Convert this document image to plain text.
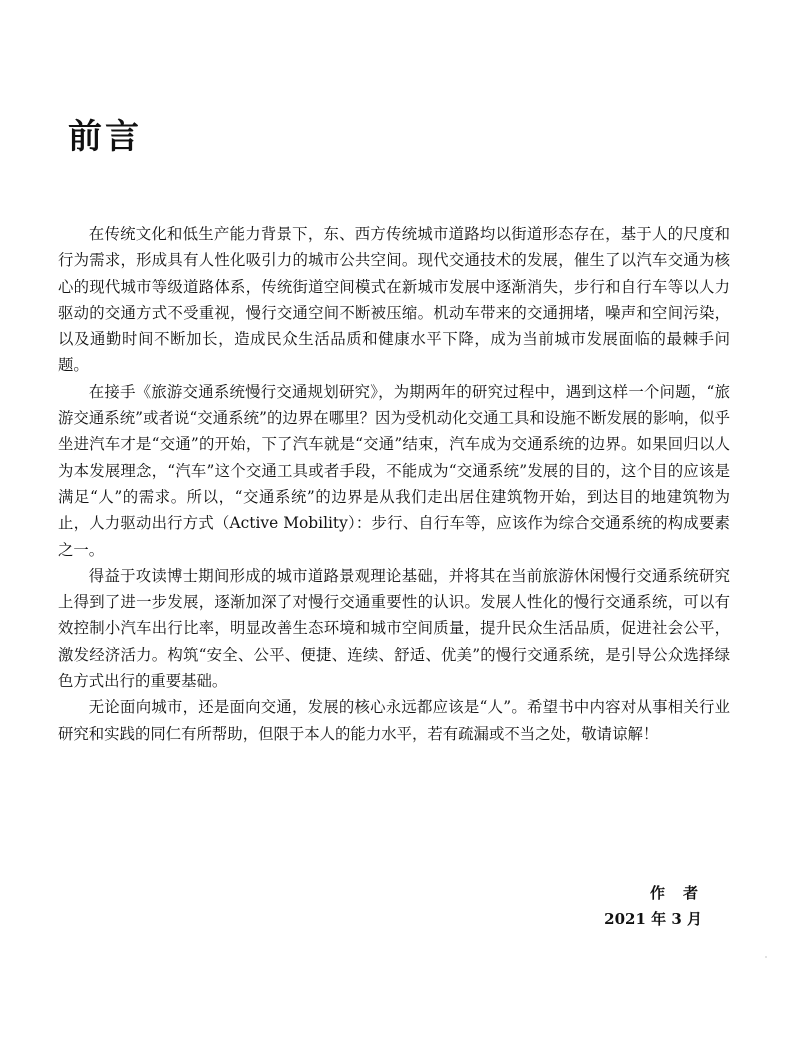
前言

在传统文化和低生产能力背景下，东、西方传统城市道路均以街道形态存在，基于人的尺度和行为需求，形成具有人性化吸引力的城市公共空间。现代交通技术的发展，催生了以汽车交通为核心的现代城市等级道路体系，传统街道空间模式在新城市发展中逐渐消失，步行和自行车等以人力驱动的交通方式不受重视，慢行交通空间不断被压缩。机动车带来的交通拥堵，噪声和空间污染，以及通勤时间不断加长，造成民众生活品质和健康水平下降，成为当前城市发展面临的最棘手问题。

在接手《旅游交通系统慢行交通规划研究》，为期两年的研究过程中，遇到这样一个问题，“旅游交通系统”或者说“交通系统”的边界在哪里？因为受机动化交通工具和设施不断发展的影响，似乎坐进汽车才是“交通”的开始，下了汽车就是“交通”结束，汽车成为交通系统的边界。如果回归以人为本发展理念，“汽车”这个交通工具或者手段，不能成为“交通系统”发展的目的，这个目的应该是满足“人”的需求。所以，“交通系统”的边界是从我们走出居住建筑物开始，到达目的地建筑物为止，人力驱动出行方式（Active Mobility）：步行、自行车等，应该作为综合交通系统的构成要素之一。

得益于攻读博士期间形成的城市道路景观理论基础，并将其在当前旅游休闲慢行交通系统研究上得到了进一步发展，逐渐加深了对慢行交通重要性的认识。发展人性化的慢行交通系统，可以有效控制小汽车出行比率，明显改善生态环境和城市空间质量，提升民众生活品质，促进社会公平，激发经济活力。构筑“安全、公平、便捷、连续、舒适、优美”的慢行交通系统，是引导公众选择绿色方式出行的重要基础。

无论面向城市，还是面向交通，发展的核心永远都应该是“人”。希望书中内容对从事相关行业研究和实践的同仁有所帮助，但限于本人的能力水平，若有疏漏或不当之处，敬请谅解！

作者
2021 年 3 月
